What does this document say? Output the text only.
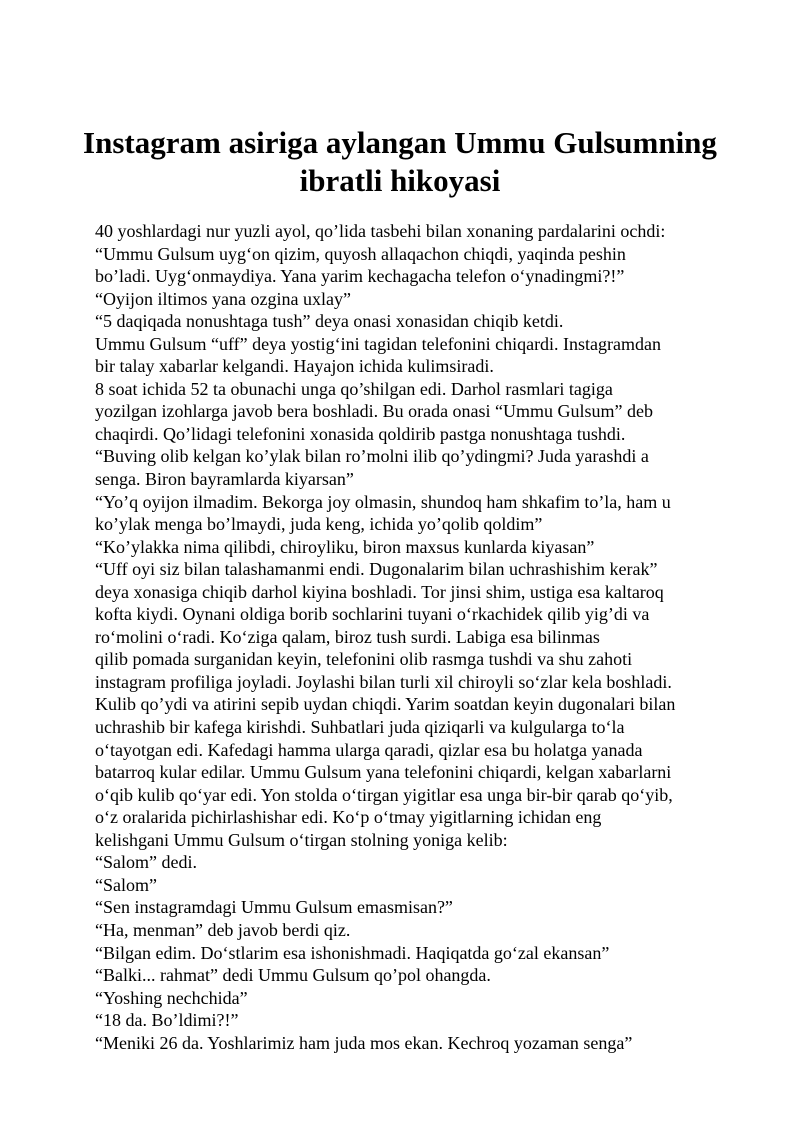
Instagram asiriga aylangan Ummu Gulsumning
ibratli hikoyasi
40 yoshlardagi nur yuzli ayol, qo’lida tasbehi bilan xonaning pardalarini ochdi:
“Ummu Gulsum uyg‘on qizim, quyosh allaqachon chiqdi, yaqinda peshin
bo’ladi. Uyg‘onmaydiya. Yana yarim kechagacha telefon o‘ynadingmi?!”
“Oyijon iltimos yana ozgina uxlay”
“5 daqiqada nonushtaga tush” deya onasi xonasidan chiqib ketdi.
Ummu Gulsum “uff” deya yostig‘ini tagidan telefonini chiqardi. Instagramdan
bir talay xabarlar kelgandi. Hayajon ichida kulimsiradi.
8 soat ichida 52 ta obunachi unga qo’shilgan edi. Darhol rasmlari tagiga
yozilgan izohlarga javob bera boshladi. Bu orada onasi “Ummu Gulsum” deb
chaqirdi. Qo’lidagi telefonini xonasida qoldirib pastga nonushtaga tushdi.
“Buving olib kelgan ko’ylak bilan ro’molni ilib qo’ydingmi? Juda yarashdi a
senga. Biron bayramlarda kiyarsan”
“Yo’q oyijon ilmadim. Bekorga joy olmasin, shundoq ham shkafim to’la, ham u
ko’ylak menga bo’lmaydi, juda keng, ichida yo’qolib qoldim”
“Ko’ylakka nima qilibdi, chiroyliku, biron maxsus kunlarda kiyasan”
“Uff oyi siz bilan talashamanmi endi. Dugonalarim bilan uchrashishim kerak”
deya xonasiga chiqib darhol kiyina boshladi. Tor jinsi shim, ustiga esa kaltaroq
kofta kiydi. Oynani oldiga borib sochlarini tuyani o‘rkachidek qilib yig’di va
ro‘molini o‘radi. Ko‘ziga qalam, biroz tush surdi. Labiga esa bilinmas
qilib pomada surganidan keyin, telefonini olib rasmga tushdi va shu zahoti
instagram profiliga joyladi. Joylashi bilan turli xil chiroyli so‘zlar kela boshladi.
Kulib qo’ydi va atirini sepib uydan chiqdi. Yarim soatdan keyin dugonalari bilan
uchrashib bir kafega kirishdi. Suhbatlari juda qiziqarli va kulgularga to‘la
o‘tayotgan edi. Kafedagi hamma ularga qaradi, qizlar esa bu holatga yanada
batarroq kular edilar. Ummu Gulsum yana telefonini chiqardi, kelgan xabarlarni
o‘qib kulib qo‘yar edi. Yon stolda o‘tirgan yigitlar esa unga bir-bir qarab qo‘yib,
o‘z oralarida pichirlashishar edi. Ko‘p o‘tmay yigitlarning ichidan eng
kelishgani Ummu Gulsum o‘tirgan stolning yoniga kelib:
“Salom” dedi.
“Salom”
“Sen instagramdagi Ummu Gulsum emasmisan?”
“Ha, menman” deb javob berdi qiz.
“Bilgan edim. Do‘stlarim esa ishonishmadi. Haqiqatda go‘zal ekansan”
“Balki... rahmat” dedi Ummu Gulsum qo’pol ohangda.
“Yoshing nechchida”
“18 da. Bo’ldimi?!”
“Meniki 26 da. Yoshlarimiz ham juda mos ekan. Kechroq yozaman senga”
